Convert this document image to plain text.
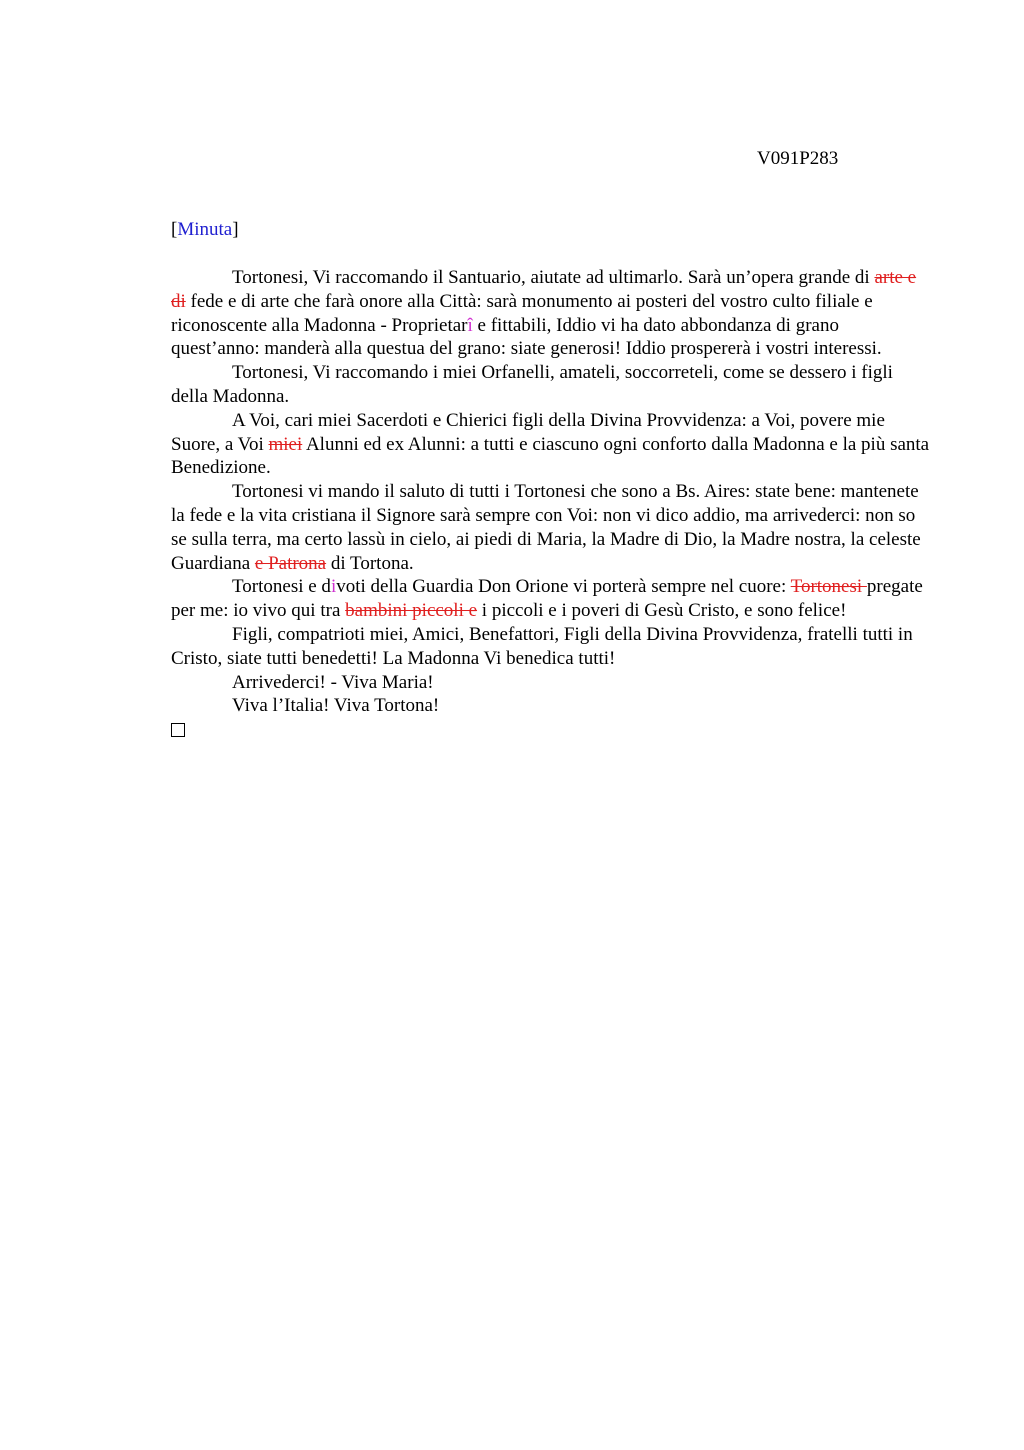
V091P283
[Minuta]

Tortonesi, Vi raccomando il Santuario, aiutate ad ultimarlo. Sarà un’opera grande di arte e di fede e di arte che farà onore alla Città: sarà monumento ai posteri del vostro culto filiale e riconoscente alla Madonna - Proprietarî e fittabili, Iddio vi ha dato abbondanza di grano quest’anno: manderà alla questua del grano: siate generosi! Iddio prospererà i vostri interessi.

Tortonesi, Vi raccomando i miei Orfanelli, amateli, soccorreteli, come se dessero i figli della Madonna.

A Voi, cari miei Sacerdoti e Chierici figli della Divina Provvidenza: a Voi, povere mie Suore, a Voi miei Alunni ed ex Alunni: a tutti e ciascuno ogni conforto dalla Madonna e la più santa Benedizione.

Tortonesi vi mando il saluto di tutti i Tortonesi che sono a Bs. Aires: state bene: mantenete la fede e la vita cristiana il Signore sarà sempre con Voi: non vi dico addio, ma arrivederci: non so se sulla terra, ma certo lassù in cielo, ai piedi di Maria, la Madre di Dio, la Madre nostra, la celeste Guardiana e Patrona di Tortona.

Tortonesi e divoti della Guardia Don Orione vi porterà sempre nel cuore: Tortonesi pregate per me: io vivo qui tra bambini piccoli e i piccoli e i poveri di Gesù Cristo, e sono felice!

Figli, compatrioti miei, Amici, Benefattori, Figli della Divina Provvidenza, fratelli tutti in Cristo, siate tutti benedetti! La Madonna Vi benedica tutti!

Arrivederci! - Viva Maria!

Viva l’Italia! Viva Tortona!
